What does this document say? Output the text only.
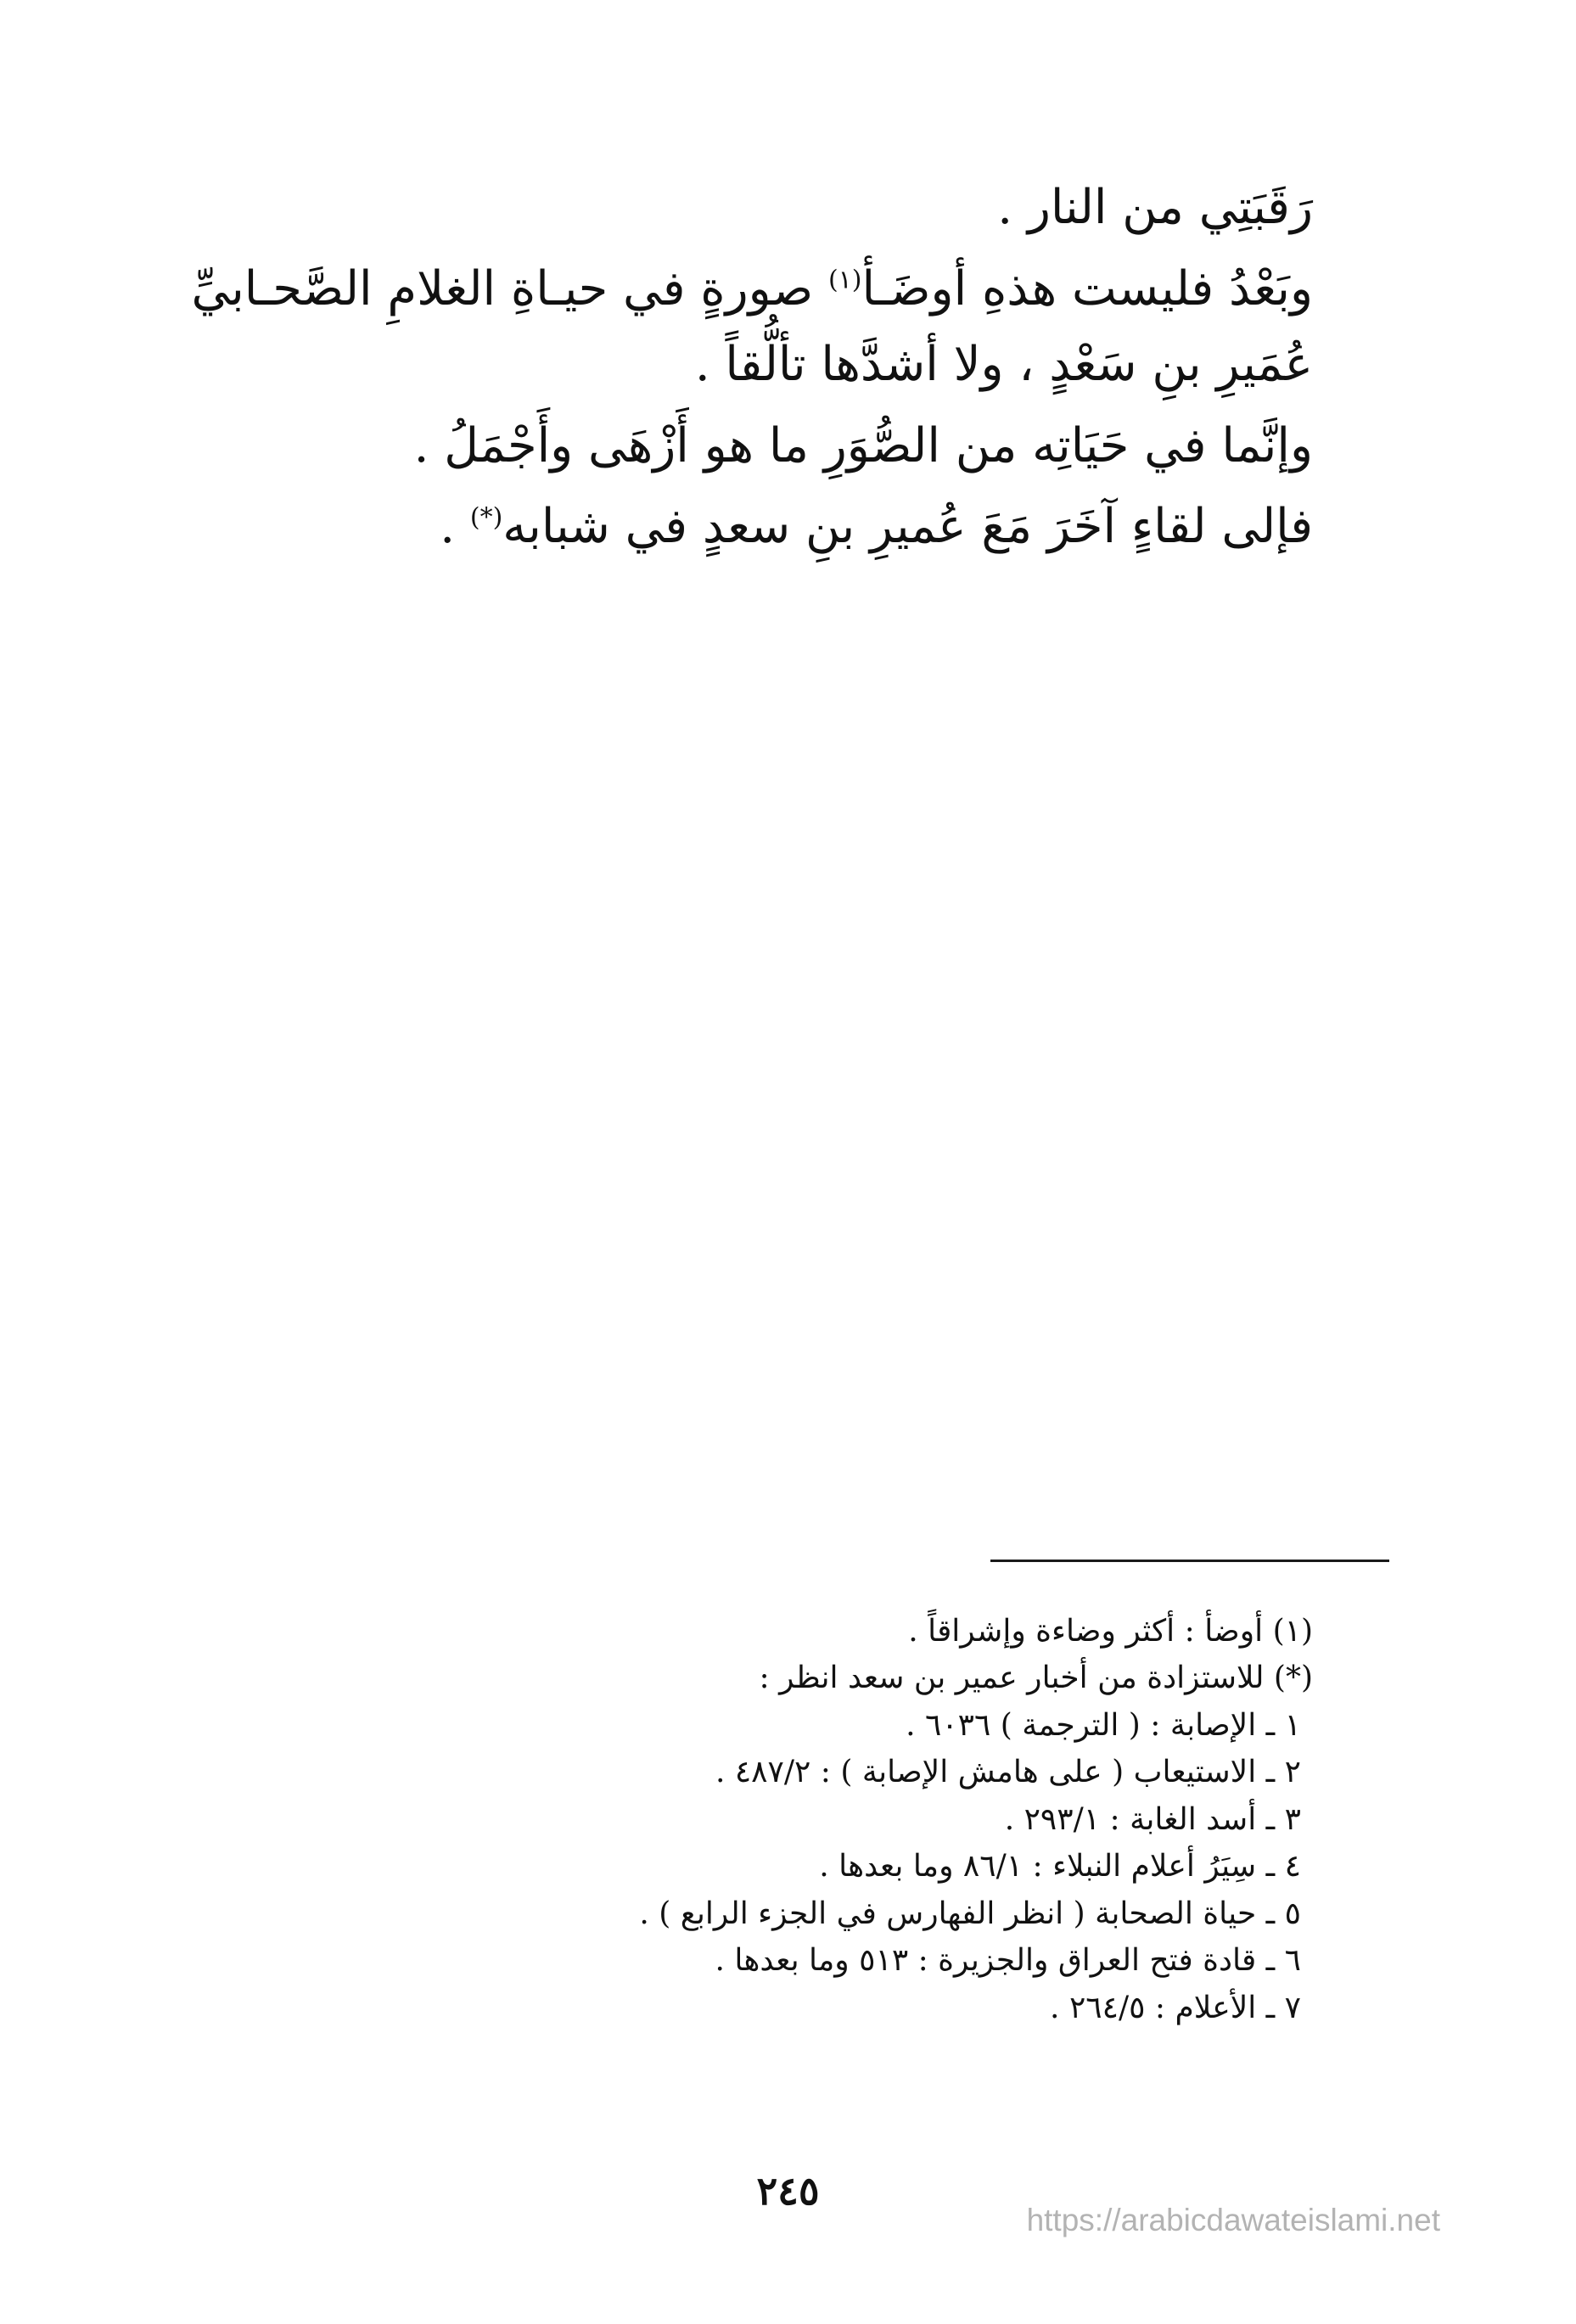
رَقَبَتِي من النار .

وبَعْدُ فليست هذهِ أوضَـأ$^{(١)}$ صورةٍ في حيـاةِ الغلامِ الصَّحـابيِّ عُمَيرِ بنِ سَعْدٍ ، ولا أشدَّها تألُّقاً .

وإنَّما في حَيَاتِه من الصُّوَرِ ما هو أَزْهَى وأَجْمَلُ .

فإلى لقاءٍ آخَرَ مَعَ عُميرِ بنِ سعدٍ في شبابه(*) .

(١) أوضأ : أكثر وضاءة وإشراقاً .

(*) للاستزادة من أخبار عمير بن سعد انظر :

١ ـ الإصابة : ( الترجمة ) ٦٠٣٦ .

٢ ـ الاستيعاب ( على هامش الإصابة ) : ٤٨٧/٢ .

٣ ـ أسد الغابة : ٢٩٣/١ .

٤ ـ سِيَرُ أعلام النبلاء : ٨٦/١ وما بعدها .

٥ ـ حياة الصحابة ( انظر الفهارس في الجزء الرابع ) .

٦ ـ قادة فتح العراق والجزيرة : ٥١٣ وما بعدها .

٧ ـ الأعلام : ٢٦٤/٥ .

٢٤٥
https://arabicdawateislami.net
